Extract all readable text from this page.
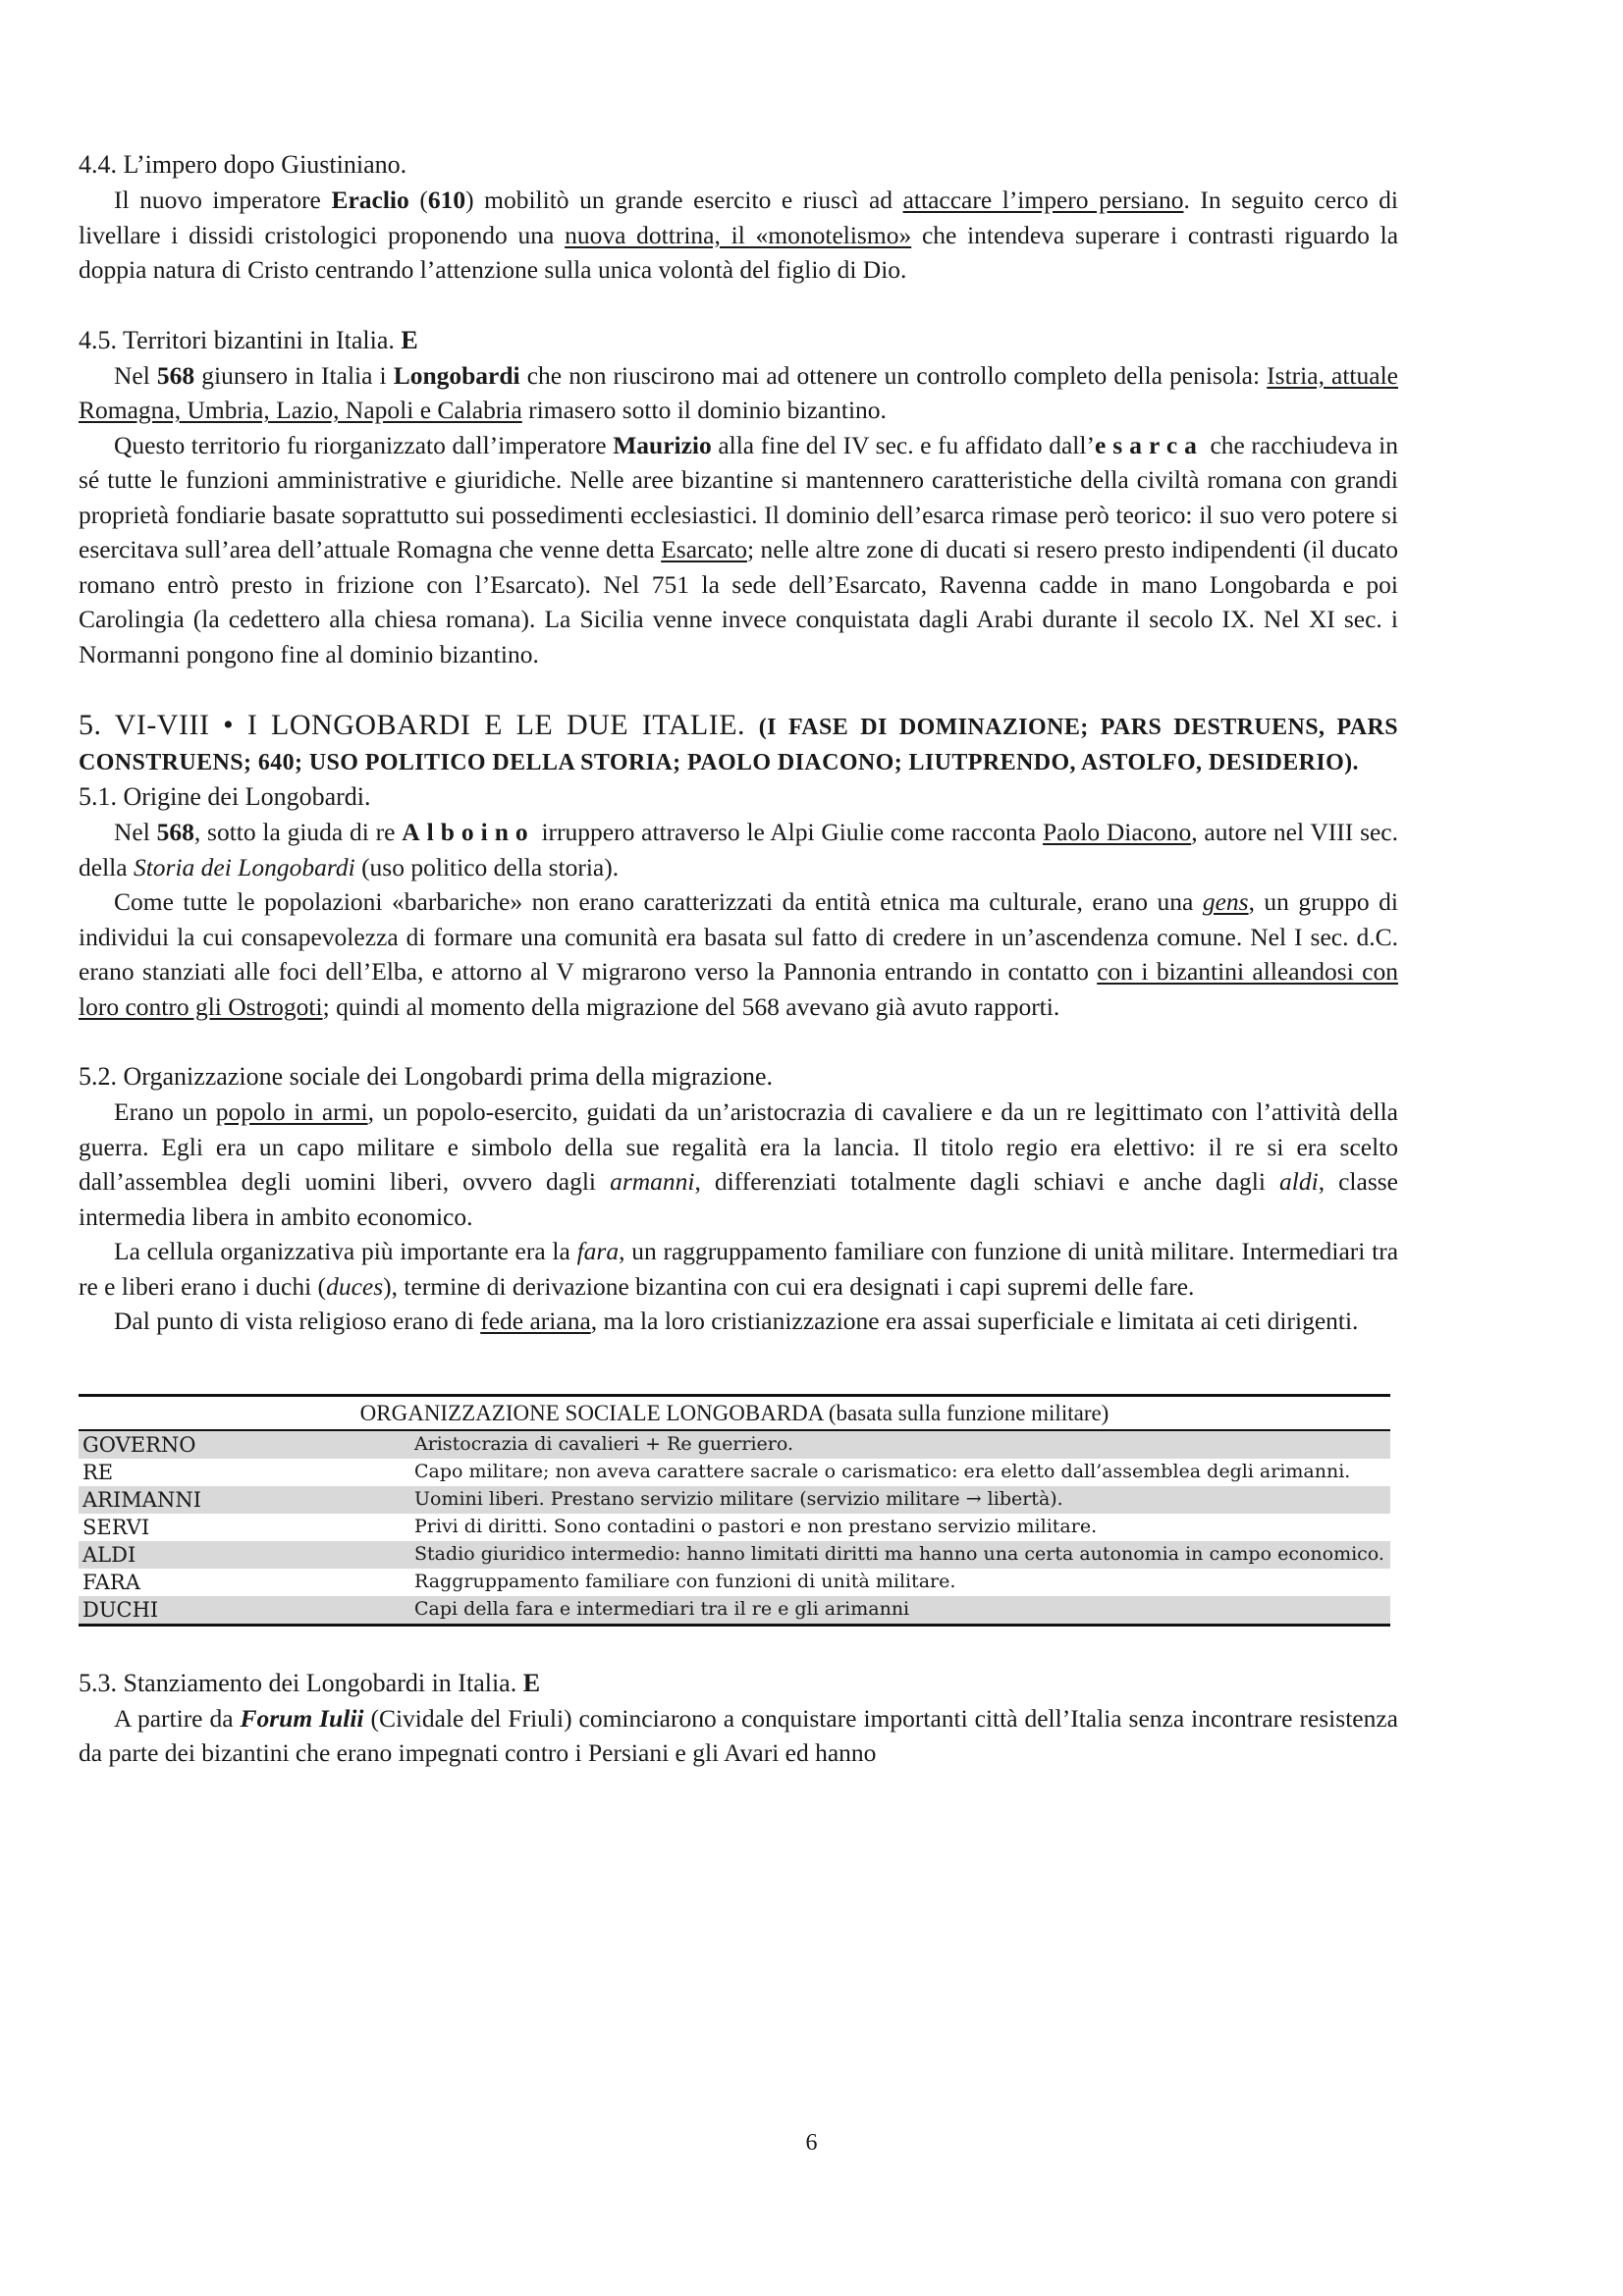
4.4. L’impero dopo Giustiniano.

Il nuovo imperatore Eraclio (610) mobilitò un grande esercito e riuscì ad attaccare l’impero persiano. In seguito cerco di livellare i dissidi cristologici proponendo una nuova dottrina, il «monotelismo» che intendeva superare i contrasti riguardo la doppia natura di Cristo centrando l’attenzione sulla unica volontà del figlio di Dio.

4.5. Territori bizantini in Italia. E

Nel 568 giunsero in Italia i Longobardi che non riuscirono mai ad ottenere un controllo completo della penisola: Istria, attuale Romagna, Umbria, Lazio, Napoli e Calabria rimasero sotto il dominio bizantino.

Questo territorio fu riorganizzato dall’imperatore Maurizio alla fine del IV sec. e fu affidato dall’esarca che racchiudeva in sé tutte le funzioni amministrative e giuridiche. Nelle aree bizantine si mantennero caratteristiche della civiltà romana con grandi proprietà fondiarie basate soprattutto sui possedimenti ecclesiastici. Il dominio dell’esarca rimase però teorico: il suo vero potere si esercitava sull’area dell’attuale Romagna che venne detta Esarcato; nelle altre zone di ducati si resero presto indipendenti (il ducato romano entrò presto in frizione con l’Esarcato). Nel 751 la sede dell’Esarcato, Ravenna cadde in mano Longobarda e poi Carolingia (la cedettero alla chiesa romana). La Sicilia venne invece conquistata dagli Arabi durante il secolo IX. Nel XI sec. i Normanni pongono fine al dominio bizantino.

5. VI-VIII • I LONGOBARDI E LE DUE ITALIE. (I FASE DI DOMINAZIONE; PARS DESTRUENS, PARS CONSTRUENS; 640; USO POLITICO DELLA STORIA; PAOLO DIACONO; LIUTPRENDO, ASTOLFO, DESIDERIO).

5.1. Origine dei Longobardi.

Nel 568, sotto la giuda di re Alboino irruppero attraverso le Alpi Giulie come racconta Paolo Diacono, autore nel VIII sec. della Storia dei Longobardi (uso politico della storia).

Come tutte le popolazioni «barbariche» non erano caratterizzati da entità etnica ma culturale, erano una gens, un gruppo di individui la cui consapevolezza di formare una comunità era basata sul fatto di credere in un’ascendenza comune. Nel I sec. d.C. erano stanziati alle foci dell’Elba, e attorno al V migrarono verso la Pannonia entrando in contatto con i bizantini alleandosi con loro contro gli Ostrogoti; quindi al momento della migrazione del 568 avevano già avuto rapporti.

5.2. Organizzazione sociale dei Longobardi prima della migrazione.

Erano un popolo in armi, un popolo-esercito, guidati da un’aristocrazia di cavaliere e da un re legittimato con l’attività della guerra. Egli era un capo militare e simbolo della sue regalità era la lancia. Il titolo regio era elettivo: il re si era scelto dall’assemblea degli uomini liberi, ovvero dagli armanni, differenziati totalmente dagli schiavi e anche dagli aldi, classe intermedia libera in ambito economico.

La cellula organizzativa più importante era la fara, un raggruppamento familiare con funzione di unità militare. Intermediari tra re e liberi erano i duchi (duces), termine di derivazione bizantina con cui era designati i capi supremi delle fare.

Dal punto di vista religioso erano di fede ariana, ma la loro cristianizzazione era assai superficiale e limitata ai ceti dirigenti.

ORGANIZZAZIONE SOCIALE LONGOBARDA (basata sulla funzione militare)
GOVERNO	Aristocrazia di cavalieri + Re guerriero.
RE	Capo militare; non aveva carattere sacrale o carismatico: era eletto dall’assemblea degli arimanni.
ARIMANNI	Uomini liberi. Prestano servizio militare (servizio militare → libertà).
SERVI	Privi di diritti. Sono contadini o pastori e non prestano servizio militare.
ALDI	Stadio giuridico intermedio: hanno limitati diritti ma hanno una certa autonomia in campo economico.
FARA	Raggruppamento familiare con funzioni di unità militare.
DUCHI	Capi della fara e intermediari tra il re e gli arimanni

5.3. Stanziamento dei Longobardi in Italia. E

A partire da Forum Iulii (Cividale del Friuli) cominciarono a conquistare importanti città dell’Italia senza incontrare resistenza da parte dei bizantini che erano impegnati contro i Persiani e gli Avari ed hanno

6
